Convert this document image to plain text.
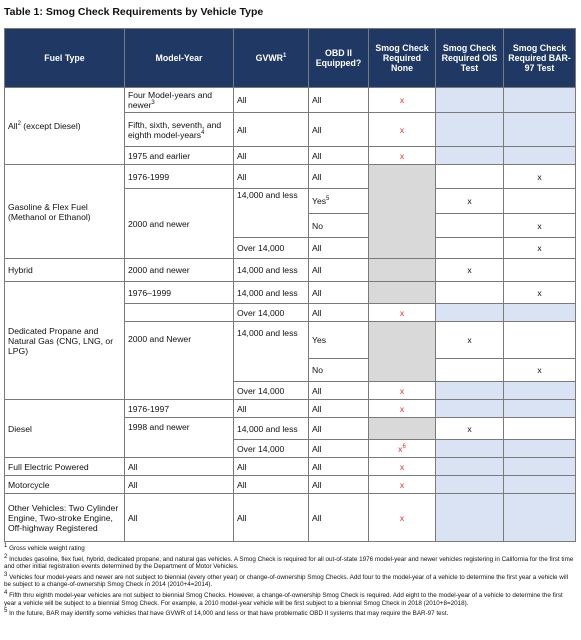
Table 1: Smog Check Requirements by Vehicle Type
Fuel Type	Model-Year	GVWR$^1$	OBD II Equipped?	Smog Check Required None	Smog Check Required OIS Test	Smog Check Required BAR-97 Test
All$^2$ (except Diesel)	Four Model-years and newer$^3$	All	All	x		
	Fifth, sixth, seventh, and eighth model-years$^4$	All	All	x		
	1975 and earlier	All	All	x		
Gasoline & Flex Fuel (Methanol or Ethanol)	1976-1999	All	All			x
	2000 and newer	14,000 and less	Yes$^5$		x	
			No			x
		Over 14,000	All			x
Hybrid	2000 and newer	14,000 and less	All		x	
Dedicated Propane and Natural Gas (CNG, LNG, or LPG)	1976–1999	14,000 and less	All			x
		Over 14,000	All	x		
	2000 and Newer	14,000 and less	Yes		x	
			No			x
		Over 14,000	All	x		
Diesel	1976-1997	All	All	x		
	1998 and newer	14,000 and less	All		x	
		Over 14,000	All	$x^6$		
Full Electric Powered	All	All	All	x		
Motorcycle	All	All	All	x		
Other Vehicles: Two Cylinder Engine, Two-stroke Engine, Off-highway Registered	All	All	All	x		
$^1$ Gross vehicle weight rating
$^2$ Includes gasoline, flex fuel, hybrid, dedicated propane, and natural gas vehicles. A Smog Check is required for all out-of-state 1976 model-year and newer vehicles registering in California for the first time and other initial registration events determined by the Department of Motor Vehicles.
$^3$ Vehicles four model-years and newer are not subject to biennial (every other year) or change-of-ownership Smog Checks. Add four to the model-year of a vehicle to determine the first year a vehicle will be subject to a change-of-ownership Smog Check in 2014 (2010+4=2014).
$^4$ Fifth thru eighth model-year vehicles are not subject to biennial Smog Checks. However, a change-of-ownership Smog Check is required. Add eight to the model-year of a vehicle to determine the first year a vehicle will be subject to a biennial Smog Check. For example, a 2010 model-year vehicle will be first subject to a biennial Smog Check in 2018 (2010+8=2018).
$^5$ In the future, BAR may identify some vehicles that have GVWR of 14,000 and less or that have problematic OBD II systems that may require the BAR-97 test.
